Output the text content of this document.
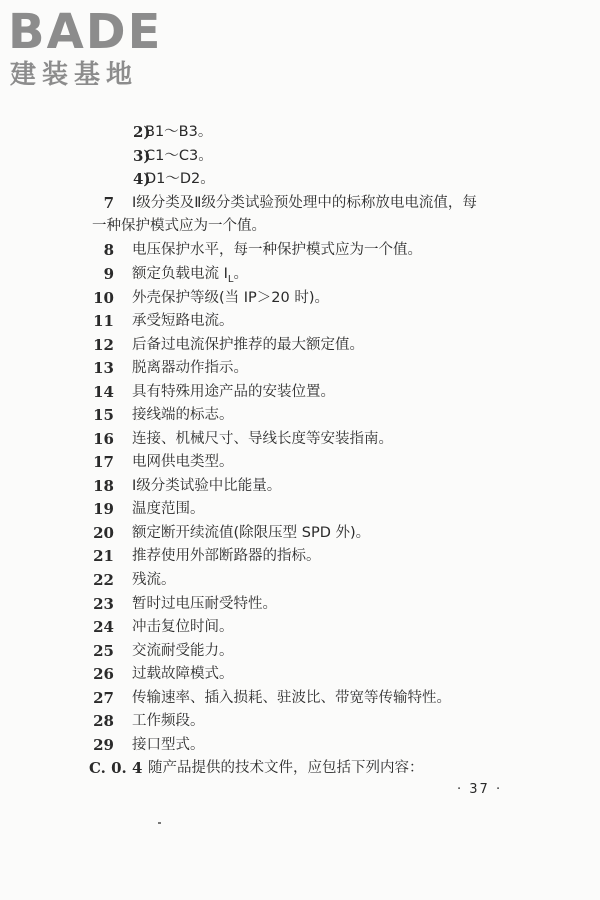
BADE
建装基地
2)
B1～B3。
3)
C1～C3。
4)
D1～D2。
7 Ⅰ级分类及Ⅱ级分类试验预处理中的标称放电电流值，每
一种保护模式应为一个值。
8 电压保护水平，每一种保护模式应为一个值。
9 额定负载电流 $I_L$。
10 外壳保护等级(当 IP＞20 时)。
11 承受短路电流。
12 后备过电流保护推荐的最大额定值。
13 脱离器动作指示。
14 具有特殊用途产品的安装位置。
15 接线端的标志。
16 连接、机械尺寸、导线长度等安装指南。
17 电网供电类型。
18 Ⅰ级分类试验中比能量。
19 温度范围。
20 额定断开续流值(除限压型 SPD 外)。
21 推荐使用外部断路器的指标。
22 残流。
23 暂时过电压耐受特性。
24 冲击复位时间。
25 交流耐受能力。
26 过载故障模式。
27 传输速率、插入损耗、驻波比、带宽等传输特性。
28 工作频段。
29 接口型式。
C. 0. 4 随产品提供的技术文件，应包括下列内容：
· 37 ·
